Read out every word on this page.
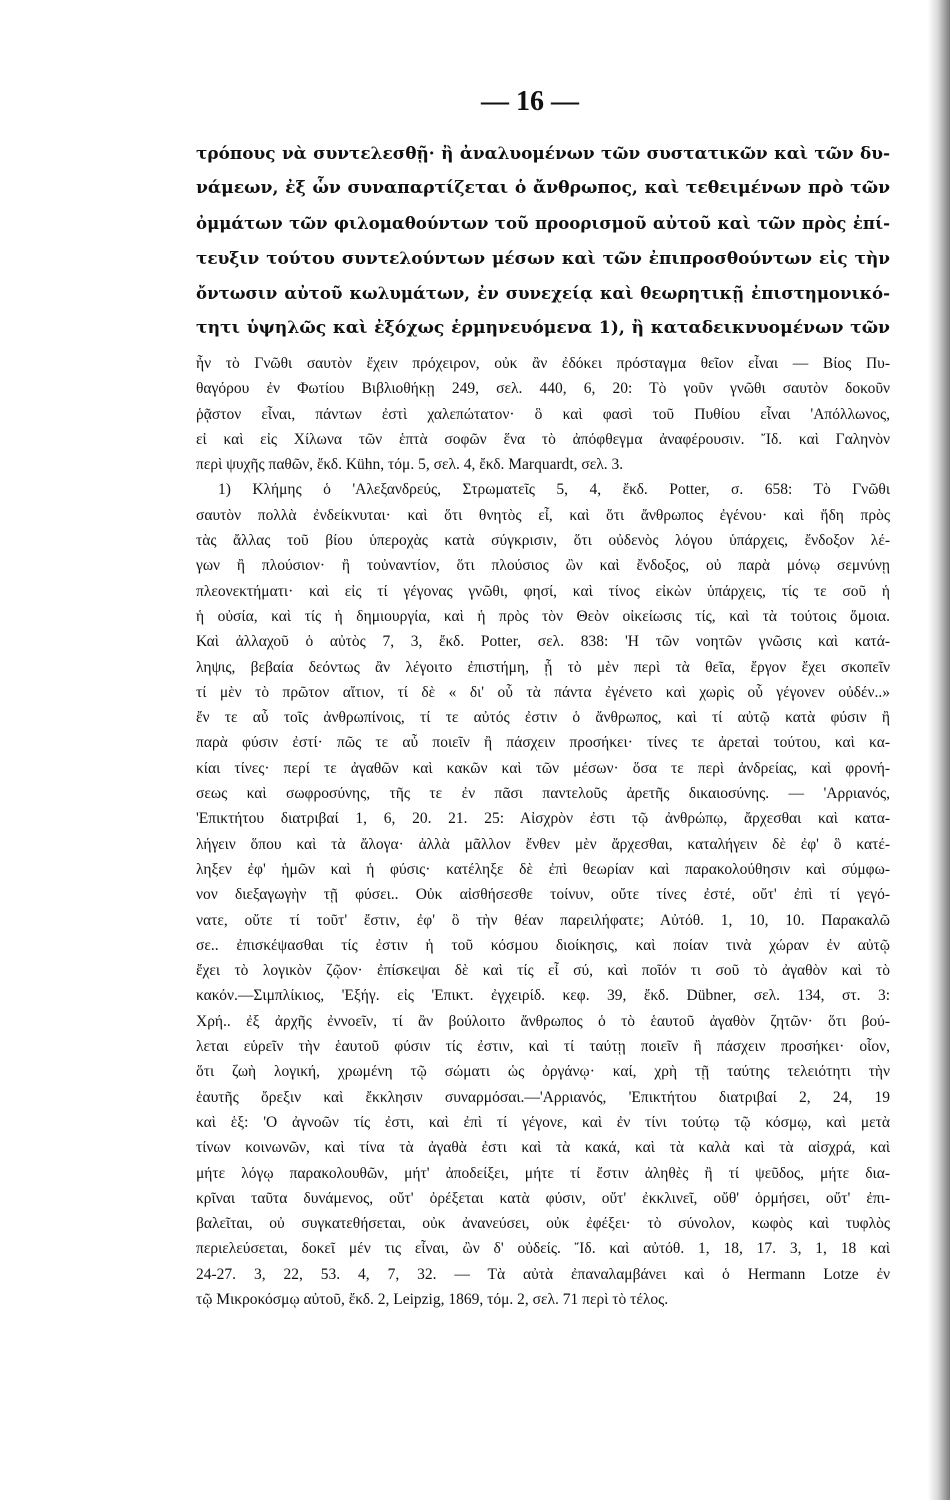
— 16 —
τρόπους νὰ συντελεσθῇ· ἢ ἀναλυομένων τῶν συστατικῶν καὶ τῶν δυ-
νάμεων, ἐξ ὧν συναπαρτίζεται ὁ ἄνθρωπος, καὶ τεθειμένων πρὸ τῶν
ὀμμάτων τῶν φιλομαθούντων τοῦ προορισμοῦ αὐτοῦ καὶ τῶν πρὸς ἐπί-
τευξιν τούτου συντελούντων μέσων καὶ τῶν ἐπιπροσθούντων εἰς τὴν
ὄντωσιν αὐτοῦ κωλυμάτων, ἐν συνεχείᾳ καὶ θεωρητικῇ ἐπιστημονικό-
τητι ὑψηλῶς καὶ ἐξόχως ἑρμηνευόμενα 1), ἢ καταδεικνυομένων τῶν
ἦν τὸ Γνῶθι σαυτὸν ἔχειν πρόχειρον, οὐκ ἂν ἐδόκει πρόσταγμα θεῖον εἶναι — Βίος Πυ-
θαγόρου ἐν Φωτίου Βιβλιοθήκῃ 249, σελ. 440, 6, 20: Τὸ γοῦν γνῶθι σαυτὸν δοκοῦν
ῥᾷστον εἶναι, πάντων ἐστὶ χαλεπώτατον· ὃ καὶ φασὶ τοῦ Πυθίου εἶναι 'Απόλλωνος,
εἰ καὶ εἰς Χίλωνα τῶν ἑπτὰ σοφῶν ἕνα τὸ ἀπόφθεγμα ἀναφέρουσιν. Ἴδ. καὶ Γαληνὸν
περὶ ψυχῆς παθῶν, ἔκδ. Kühn, τόμ. 5, σελ. 4, ἔκδ. Marquardt, σελ. 3.
1) Κλήμης ὁ 'Αλεξανδρεύς, Στρωματεῖς 5, 4, ἔκδ. Potter, σ. 658: Τὸ Γνῶθι
σαυτὸν πολλὰ ἐνδείκνυται· καὶ ὅτι θνητὸς εἶ, καὶ ὅτι ἄνθρωπος ἐγένου· καὶ ἤδη πρὸς
τὰς ἄλλας τοῦ βίου ὑπεροχὰς κατὰ σύγκρισιν, ὅτι οὐδενὸς λόγου ὑπάρχεις, ἔνδοξον λέ-
γων ἢ πλούσιον· ἢ τοὐναντίον, ὅτι πλούσιος ὢν καὶ ἔνδοξος, οὐ παρὰ μόνῳ σεμνύνῃ
πλεονεκτήματι· καὶ εἰς τί γέγονας γνῶθι, φησί, καὶ τίνος εἰκὼν ὑπάρχεις, τίς τε σοῦ ἡ
ἡ οὐσία, καὶ τίς ἡ δημιουργία, καὶ ἡ πρὸς τὸν Θεὸν οἰκείωσις τίς, καὶ τὰ τούτοις ὅμοια.
Καὶ ἀλλαχοῦ ὁ αὐτὸς 7, 3, ἔκδ. Potter, σελ. 838: 'Η τῶν νοητῶν γνῶσις καὶ κατά-
ληψις, βεβαία δεόντως ἂν λέγοιτο ἐπιστήμη, ᾗ τὸ μὲν περὶ τὰ θεῖα, ἔργον ἔχει σκοπεῖν
τί μὲν τὸ πρῶτον αἴτιον, τί δὲ « δι' οὗ τὰ πάντα ἐγένετο καὶ χωρὶς οὗ γέγονεν οὐδέν..»
ἔν τε αὖ τοῖς ἀνθρωπίνοις, τί τε αὐτός ἐστιν ὁ ἄνθρωπος, καὶ τί αὐτῷ κατὰ φύσιν ἢ
παρὰ φύσιν ἐστί· πῶς τε αὖ ποιεῖν ἢ πάσχειν προσήκει· τίνες τε ἀρεταὶ τούτου, καὶ κα-
κίαι τίνες· περί τε ἀγαθῶν καὶ κακῶν καὶ τῶν μέσων· ὅσα τε περὶ ἀνδρείας, καὶ φρονή-
σεως καὶ σωφροσύνης, τῆς τε ἐν πᾶσι παντελοῦς ἀρετῆς δικαιοσύνης. — 'Αρριανός,
'Επικτήτου διατριβαί 1, 6, 20. 21. 25: Αἰσχρὸν ἐστι τῷ ἀνθρώπῳ, ἄρχεσθαι καὶ κατα-
λήγειν ὅπου καὶ τὰ ἄλογα· ἀλλὰ μᾶλλον ἔνθεν μὲν ἄρχεσθαι, καταλήγειν δὲ ἐφ' ὃ κατέ-
ληξεν ἐφ' ἡμῶν καὶ ἡ φύσις· κατέληξε δὲ ἐπὶ θεωρίαν καὶ παρακολούθησιν καὶ σύμφω-
νον διεξαγωγὴν τῇ φύσει.. Οὐκ αἰσθήσεσθε τοίνυν, οὔτε τίνες ἐστέ, οὔτ' ἐπὶ τί γεγό-
νατε, οὔτε τί τοῦτ' ἔστιν, ἐφ' ὃ τὴν θέαν παρειλήφατε; Αὐτόθ. 1, 10, 10. Παρακαλῶ
σε.. ἐπισκέψασθαι τίς ἐστιν ἡ τοῦ κόσμου διοίκησις, καὶ ποίαν τινὰ χώραν ἐν αὐτῷ
ἔχει τὸ λογικὸν ζῷον· ἐπίσκεψαι δὲ καὶ τίς εἶ σύ, καὶ ποῖόν τι σοῦ τὸ ἀγαθὸν καὶ τὸ
κακόν.—Σιμπλίκιος, 'Εξήγ. εἰς 'Επικτ. ἐγχειρίδ. κεφ. 39, ἔκδ. Dübner, σελ. 134, στ. 3:
Χρή.. ἐξ ἀρχῆς ἐννοεῖν, τί ἂν βούλοιτο ἄνθρωπος ὁ τὸ ἑαυτοῦ ἀγαθὸν ζητῶν· ὅτι βού-
λεται εὑρεῖν τὴν ἑαυτοῦ φύσιν τίς ἐστιν, καὶ τί ταύτῃ ποιεῖν ἢ πάσχειν προσήκει· οἷον,
ὅτι ζωὴ λογική, χρωμένη τῷ σώματι ὡς ὀργάνῳ· καί, χρὴ τῇ ταύτης τελειότητι τὴν
ἑαυτῆς ὄρεξιν καὶ ἔκκλησιν συναρμόσαι.—'Αρριανός, 'Επικτήτου διατριβαί 2, 24, 19
καὶ ἑξ: 'Ο ἀγνοῶν τίς ἐστι, καὶ ἐπὶ τί γέγονε, καὶ ἐν τίνι τούτῳ τῷ κόσμῳ, καὶ μετὰ
τίνων κοινωνῶν, καὶ τίνα τὰ ἀγαθὰ ἐστι καὶ τὰ κακά, καὶ τὰ καλὰ καὶ τὰ αἰσχρά, καὶ
μήτε λόγῳ παρακολουθῶν, μήτ' ἀποδείξει, μήτε τί ἔστιν ἀληθὲς ἢ τί ψεῦδος, μήτε δια-
κρῖναι ταῦτα δυνάμενος, οὔτ' ὀρέξεται κατὰ φύσιν, οὔτ' ἐκκλινεῖ, οὔθ' ὁρμήσει, οὔτ' ἐπι-
βαλεῖται, οὐ συγκατεθήσεται, οὐκ ἀνανεύσει, οὐκ ἐφέξει· τὸ σύνολον, κωφὸς καὶ τυφλὸς
περιελεύσεται, δοκεῖ μέν τις εἶναι, ὢν δ' οὐδείς. Ἴδ. καὶ αὐτόθ. 1, 18, 17. 3, 1, 18 καὶ
24-27. 3, 22, 53. 4, 7, 32. — Τὰ αὐτὰ ἐπαναλαμβάνει καὶ ὁ Hermann Lotze ἐν
τῷ Μικροκόσμῳ αὐτοῦ, ἔκδ. 2, Leipzig, 1869, τόμ. 2, σελ. 71 περὶ τὸ τέλος.
